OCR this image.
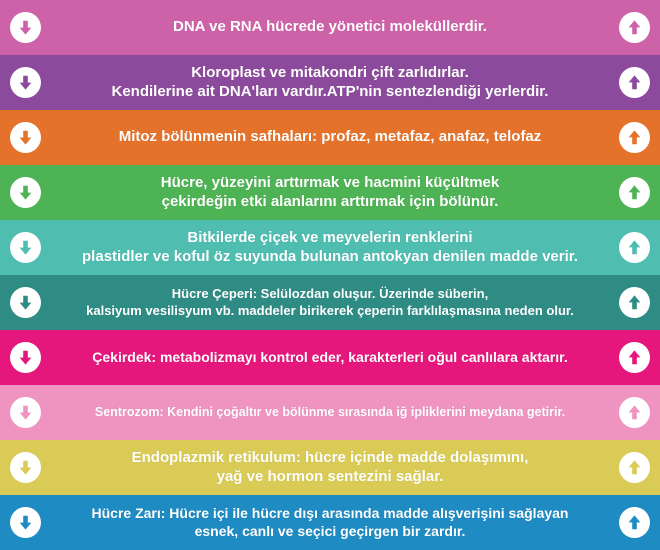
DNA ve RNA hücrede yönetici moleküllerdir.
Kloroplast ve mitakondri çift zarlıdırlar.
Kendilerine ait DNA'ları vardır.ATP'nin sentezlendiği yerlerdir.
Mitoz bölünmenin safhaları: profaz, metafaz, anafaz, telofaz
Hücre, yüzeyini arttırmak ve hacmini küçültmek
çekirdeğin etki alanlarını arttırmak için bölünür.
Bitkilerde çiçek ve meyvelerin renklerini
plastidler ve koful öz suyunda bulunan antokyan denilen madde verir.
Hücre Çeperi: Selülozdan oluşur. Üzerinde süberin,
kalsiyum vesilisyum vb. maddeler birikerek çeperin farklılaşmasına neden olur.
Çekirdek: metabolizmayı kontrol eder, karakterleri oğul canlılara aktarır.
Sentrozom: Kendini çoğaltır ve bölünme sırasında iğ ipliklerini meydana getirir.
Endoplazmik retikulum: hücre içinde madde dolaşımını,
yağ ve hormon sentezini sağlar.
Hücre Zarı: Hücre içi ile hücre dışı arasında madde alışverişini sağlayan
esnek, canlı ve seçici geçirgen bir zardır.
